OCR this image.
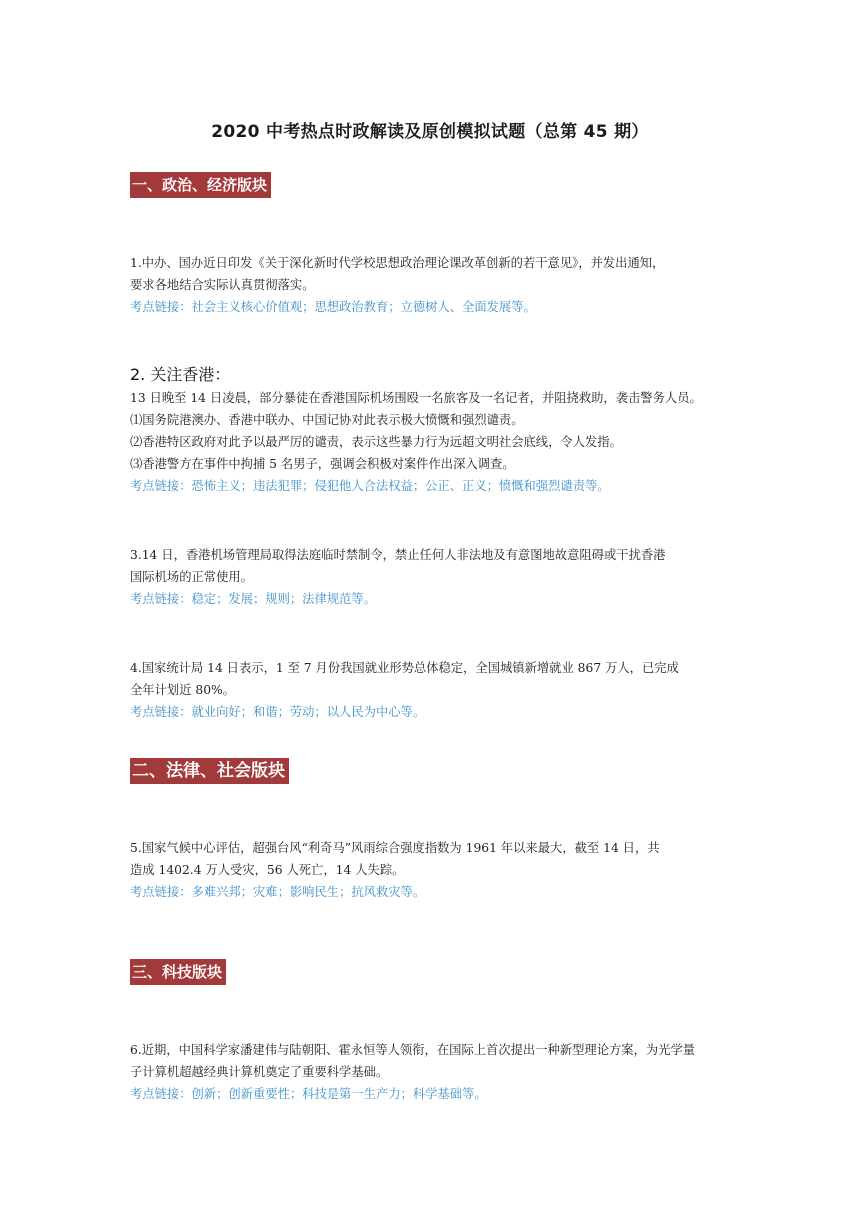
2020 中考热点时政解读及原创模拟试题（总第 45 期）
一、政治、经济版块

1.中办、国办近日印发《关于深化新时代学校思想政治理论课改革创新的若干意见》，并发出通知，

要求各地结合实际认真贯彻落实。

考点链接：社会主义核心价值观；思想政治教育；立德树人、全面发展等。

2. 关注香港：

13 日晚至 14 日凌晨，部分暴徒在香港国际机场围殴一名旅客及一名记者，并阻挠救助，袭击警务人员。

⑴国务院港澳办、香港中联办、中国记协对此表示极大愤慨和强烈谴责。

⑵香港特区政府对此予以最严厉的谴责，表示这些暴力行为远超文明社会底线，令人发指。

⑶香港警方在事件中拘捕 5 名男子，强调会积极对案件作出深入调查。

考点链接：恐怖主义；违法犯罪；侵犯他人合法权益；公正、正义；愤慨和强烈谴责等。

3.14 日，香港机场管理局取得法庭临时禁制令，禁止任何人非法地及有意图地故意阻碍或干扰香港

国际机场的正常使用。

考点链接：稳定；发展；规则；法律规范等。

4.国家统计局 14 日表示，1 至 7 月份我国就业形势总体稳定，全国城镇新增就业 867 万人，已完成

全年计划近 80%。

考点链接：就业向好；和谐；劳动；以人民为中心等。

二、法律、社会版块

5.国家气候中心评估，超强台风“利奇马”风雨综合强度指数为 1961 年以来最大，截至 14 日，共

造成 1402.4 万人受灾，56 人死亡，14 人失踪。

考点链接：多难兴邦；灾难；影响民生；抗风救灾等。

三、科技版块

6.近期，中国科学家潘建伟与陆朝阳、霍永恒等人领衔，在国际上首次提出一种新型理论方案，为光学量

子计算机超越经典计算机奠定了重要科学基础。

考点链接：创新；创新重要性；科技是第一生产力；科学基础等。
